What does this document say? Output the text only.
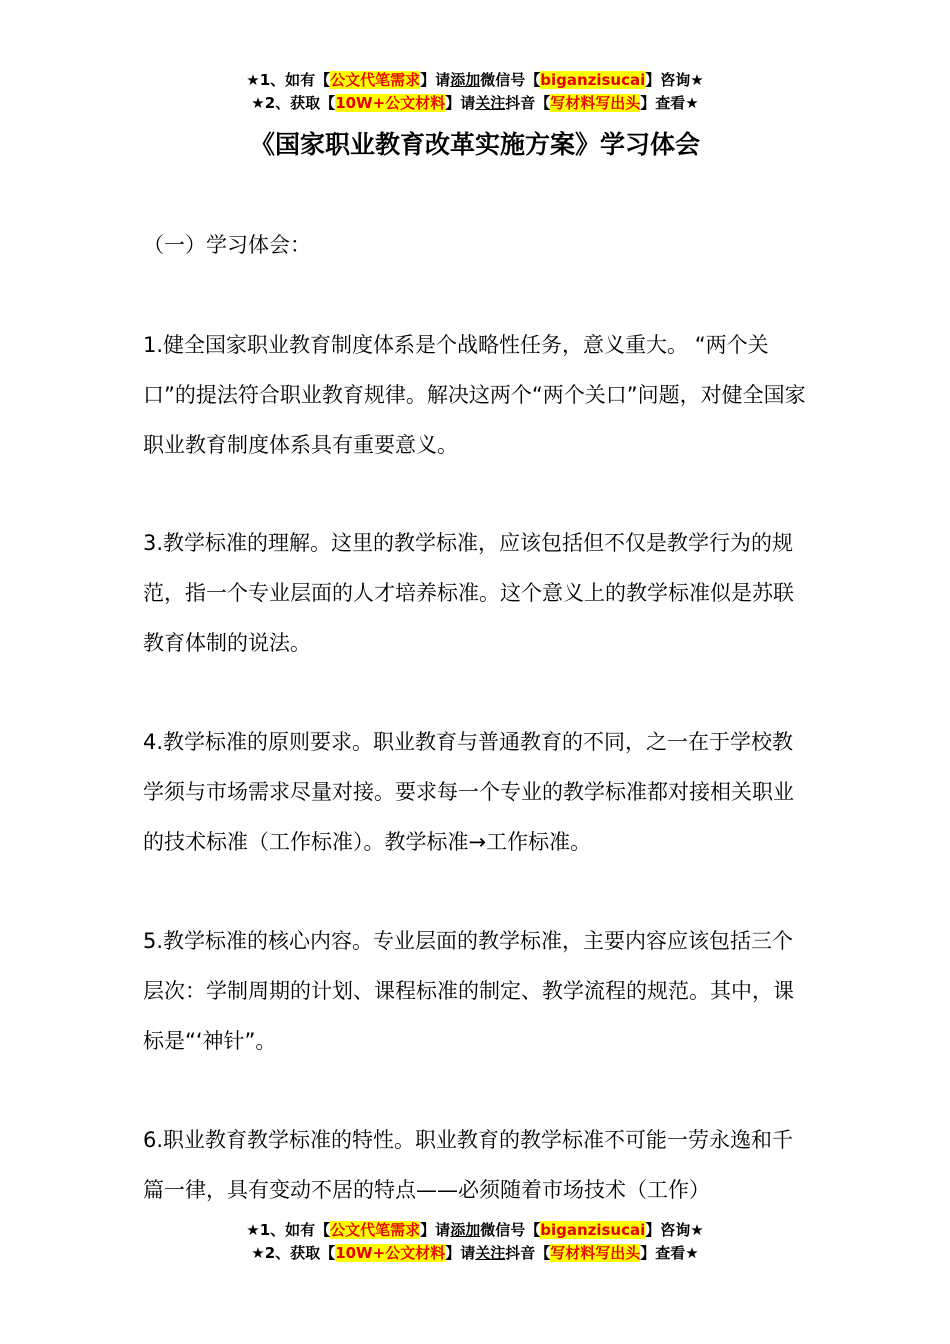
★1、如有【公文代笔需求】请添加微信号【biganzisucai】咨询★
★2、获取【10W+公文材料】请关注抖音【写材料写出头】查看★
《国家职业教育改革实施方案》学习体会
（一）学习体会：
1.健全国家职业教育制度体系是个战略性任务，意义重大。 “两个关口”的提法符合职业教育规律。解决这两个“两个关口”问题，对健全国家职业教育制度体系具有重要意义。
3.教学标准的理解。这里的教学标准，应该包括但不仅是教学行为的规范，指一个专业层面的人才培养标准。这个意义上的教学标准似是苏联教育体制的说法。
4.教学标准的原则要求。职业教育与普通教育的不同，之一在于学校教学须与市场需求尽量对接。要求每一个专业的教学标准都对接相关职业的技术标准（工作标准）。教学标准→工作标准。
5.教学标准的核心内容。专业层面的教学标准，主要内容应该包括三个层次：学制周期的计划、课程标准的制定、教学流程的规范。其中，课标是“‘神针”。
6.职业教育教学标准的特性。职业教育的教学标准不可能一劳永逸和千篇一律，具有变动不居的特点——必须随着市场技术（工作）
★1、如有【公文代笔需求】请添加微信号【biganzisucai】咨询★
★2、获取【10W+公文材料】请关注抖音【写材料写出头】查看★
